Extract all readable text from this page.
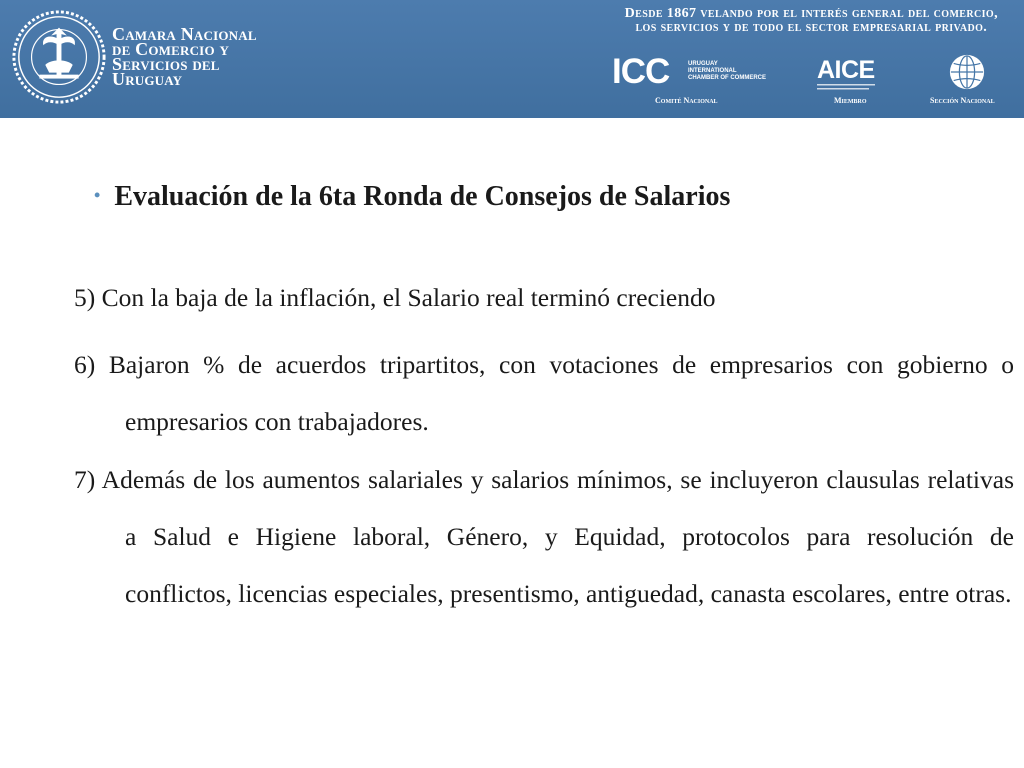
Camara Nacional
de Comercio y
Servicios del
Uruguay
Desde 1867 velando por el interés general del comercio,
los servicios y de todo el sector empresarial privado.
ICC	URUGUAY
INTERNATIONAL
CHAMBER OF COMMERCE
Comité Nacional
AICE
Miembro	Sección Nacional
• Evaluación de la 6ta Ronda de Consejos de Salarios
5) Con la baja de la inflación, el Salario real terminó creciendo
6) Bajaron % de acuerdos tripartitos, con votaciones de empresarios con gobierno o empresarios con trabajadores.
7) Además de los aumentos salariales y salarios mínimos, se incluyeron clausulas relativas a Salud e Higiene laboral, Género, y Equidad, protocolos para resolución de conflictos, licencias especiales, presentismo, antiguedad, canasta escolares, entre otras.
